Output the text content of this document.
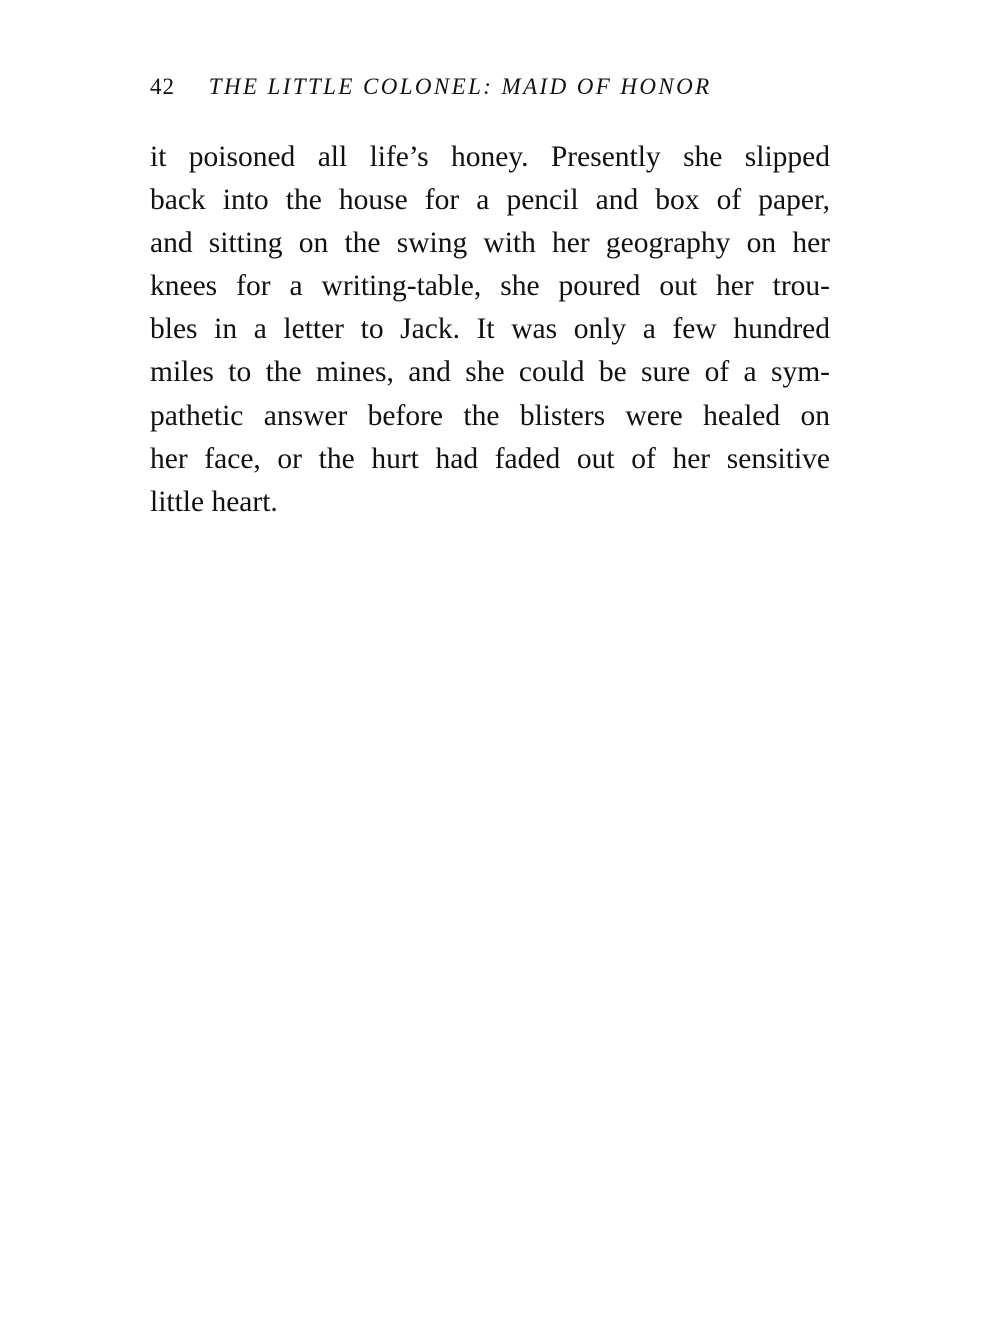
42 THE LITTLE COLONEL: MAID OF HONOR
it poisoned all life’s honey. Presently she slipped
back into the house for a pencil and box of paper,
and sitting on the swing with her geography on her
knees for a writing-table, she poured out her trou-
bles in a letter to Jack. It was only a few hundred
miles to the mines, and she could be sure of a sym-
pathetic answer before the blisters were healed on
her face, or the hurt had faded out of her sensitive
little heart.
